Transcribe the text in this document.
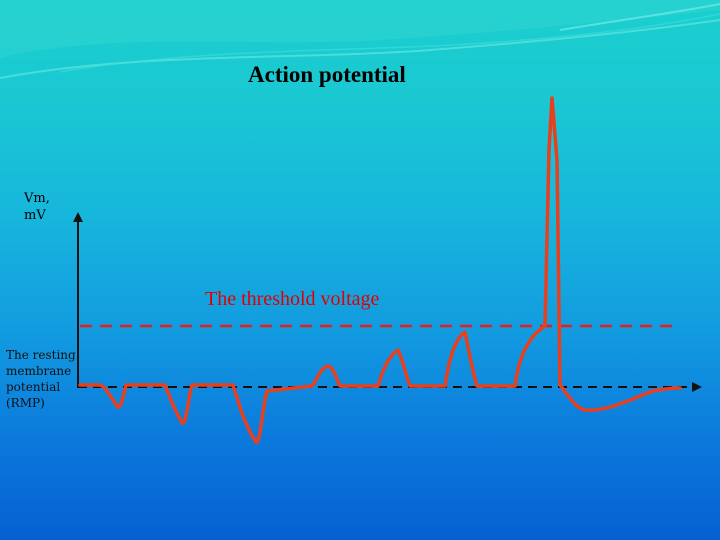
Action potential
Vm, mV
The threshold voltage
The resting membrane potential (RMP)
